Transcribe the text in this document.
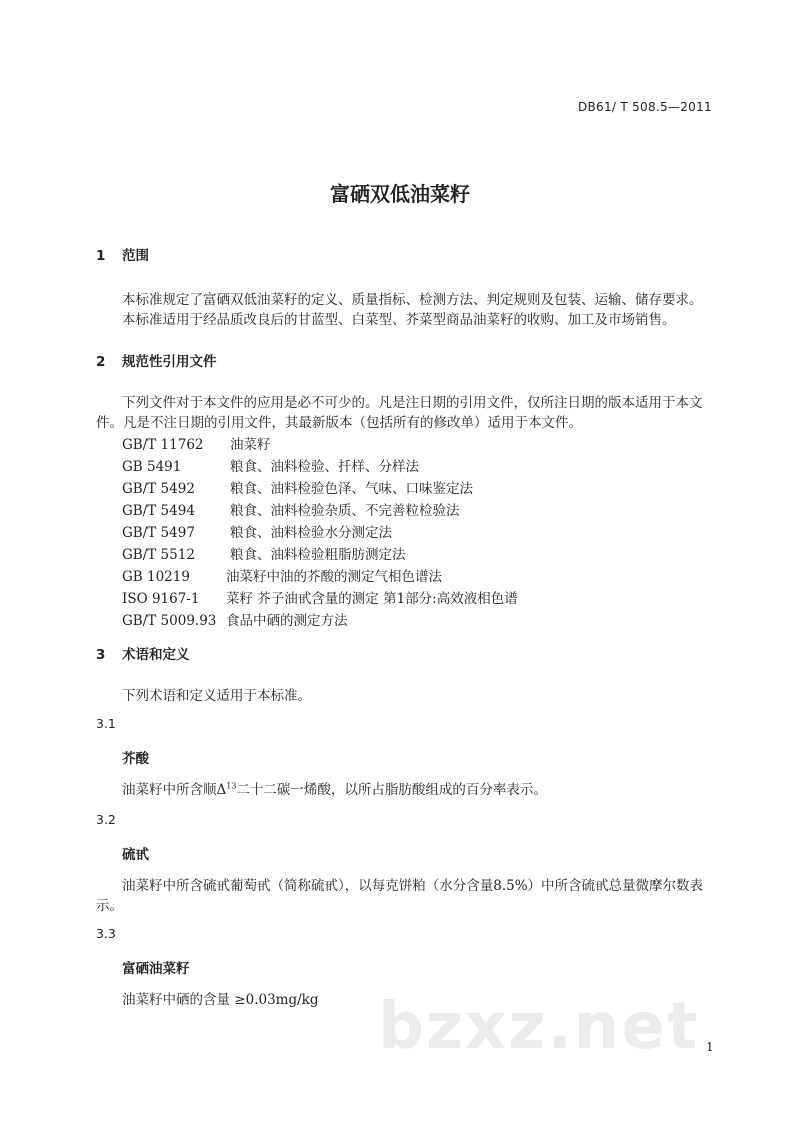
DB61/ T 508.5—2011
富硒双低油菜籽
1 范围
本标准规定了富硒双低油菜籽的定义、质量指标、检测方法、判定规则及包装、运输、储存要求。
本标准适用于经品质改良后的甘蓝型、白菜型、芥菜型商品油菜籽的收购、加工及市场销售。
2 规范性引用文件
下列文件对于本文件的应用是必不可少的。凡是注日期的引用文件，仅所注日期的版本适用于本文
件。凡是不注日期的引用文件，其最新版本（包括所有的修改单）适用于本文件。
GB/T 11762 油菜籽
GB 5491	粮食、油料检验、扦样、分样法
GB/T 5492	粮食、油料检验色泽、气味、口味鉴定法
GB/T 5494	粮食、油料检验杂质、不完善粒检验法
GB/T 5497	粮食、油料检验水分测定法
GB/T 5512	粮食、油料检验粗脂肪测定法
GB 10219	油菜籽中油的芥酸的测定气相色谱法
ISO 9167-1 菜籽 芥子油甙含量的测定 第1部分:高效液相色谱
GB/T 5009.93 食品中硒的测定方法
3 术语和定义
下列术语和定义适用于本标准。
3.1
芥酸
油菜籽中所含顺$\Delta^{13}$二十二碳一烯酸，以所占脂肪酸组成的百分率表示。
3.2
硫甙
油菜籽中所含硫甙葡萄甙（简称硫甙），以每克饼粕（水分含量8.5%）中所含硫甙总量微摩尔数表
示。
3.3
富硒油菜籽
油菜籽中硒的含量 ≥0.03mg/kg bzxz.net 1
